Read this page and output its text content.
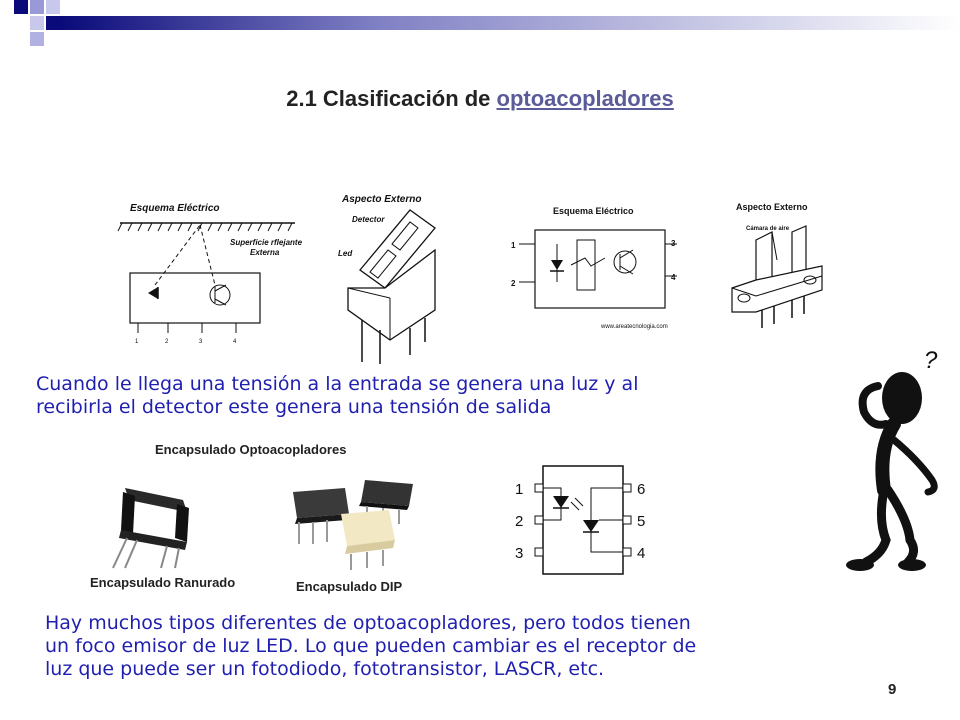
2.1 Clasificación de optoacopladores
Esquema Eléctrico
Superficie rflejante
Externa
1	2	3	4
Aspecto Externo
Detector
Led
Esquema Eléctrico
1
2
3
4
www.areatecnologia.com
Aspecto Externo
Cámara de aire
Cuando le llega una tensión a la entrada se genera una luz y al
recibirla el detector este genera una tensión de salida
?
Encapsulado Optoacopladores
Encapsulado Ranurado	Encapsulado DIP
1
2
3
6
5
4
Hay muchos tipos diferentes de optoacopladores, pero todos tienen
un foco emisor de luz LED. Lo que pueden cambiar es el receptor de
luz que puede ser un fotodiodo, fototransistor, LASCR, etc.
9
